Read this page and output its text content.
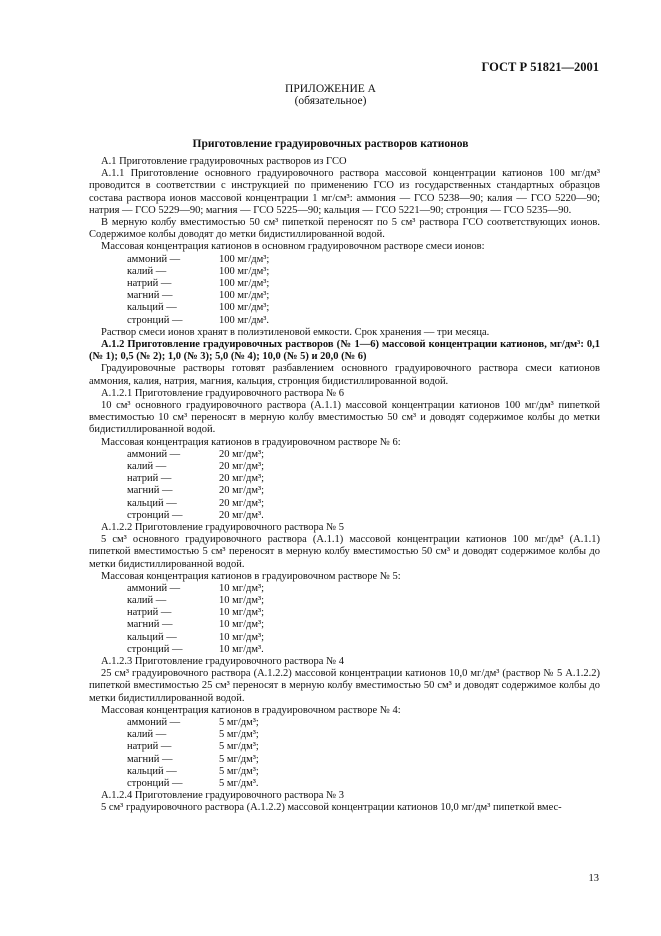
ГОСТ Р 51821—2001
ПРИЛОЖЕНИЕ А
(обязательное)
Приготовление градуировочных растворов катионов

А.1 Приготовление градуировочных растворов из ГСО

А.1.1 Приготовление основного градуировочного раствора массовой концентрации катионов 100 мг/дм³ проводится в соответствии с инструкцией по применению ГСО из государственных стандартных образцов состава раствора ионов массовой концентрации 1 мг/см³: аммония — ГСО 5238—90; калия — ГСО 5220—90; натрия — ГСО 5229—90; магния — ГСО 5225—90; кальция — ГСО 5221—90; стронция — ГСО 5235—90.

В мерную колбу вместимостью 50 см³ пипеткой переносят по 5 см³ раствора ГСО соответствующих ионов. Содержимое колбы доводят до метки бидистиллированной водой.

Массовая концентрация катионов в основном градуировочном растворе смеси ионов:

аммоний —	100 мг/дм³;
калий —	100 мг/дм³;
натрий —	100 мг/дм³;
магний —	100 мг/дм³;
кальций —	100 мг/дм³;
стронций —	100 мг/дм³.

Раствор смеси ионов хранят в полиэтиленовой емкости. Срок хранения — три месяца.

А.1.2 Приготовление градуировочных растворов (№ 1—6) массовой концентрации катионов, мг/дм³: 0,1 (№ 1); 0,5 (№ 2); 1,0 (№ 3); 5,0 (№ 4); 10,0 (№ 5) и 20,0 (№ 6)

Градуировочные растворы готовят разбавлением основного градуировочного раствора смеси катионов аммония, калия, натрия, магния, кальция, стронция бидистиллированной водой.

А.1.2.1 Приготовление градуировочного раствора № 6

10 см³ основного градуировочного раствора (А.1.1) массовой концентрации катионов 100 мг/дм³ пипеткой вместимостью 10 см³ переносят в мерную колбу вместимостью 50 см³ и доводят содержимое колбы до метки бидистиллированной водой.

Массовая концентрация катионов в градуировочном растворе № 6:

аммоний —	20 мг/дм³;
калий —	20 мг/дм³;
натрий —	20 мг/дм³;
магний —	20 мг/дм³;
кальций —	20 мг/дм³;
стронций —	20 мг/дм³.

А.1.2.2 Приготовление градуировочного раствора № 5

5 см³ основного градуировочного раствора (А.1.1) массовой концентрации катионов 100 мг/дм³ (А.1.1) пипеткой вместимостью 5 см³ переносят в мерную колбу вместимостью 50 см³ и доводят содержимое колбы до метки бидистиллированной водой.

Массовая концентрация катионов в градуировочном растворе № 5:

аммоний —	10 мг/дм³;
калий —	10 мг/дм³;
натрий —	10 мг/дм³;
магний —	10 мг/дм³;
кальций —	10 мг/дм³;
стронций —	10 мг/дм³.

А.1.2.3 Приготовление градуировочного раствора № 4

25 см³ градуировочного раствора (А.1.2.2) массовой концентрации катионов 10,0 мг/дм³ (раствор № 5 А.1.2.2) пипеткой вместимостью 25 см³ переносят в мерную колбу вместимостью 50 см³ и доводят содержимое колбы до метки бидистиллированной водой.

Массовая концентрация катионов в градуировочном растворе № 4:

аммоний —	5 мг/дм³;
калий —	5 мг/дм³;
натрий —	5 мг/дм³;
магний —	5 мг/дм³;
кальций —	5 мг/дм³;
стронций —	5 мг/дм³.

А.1.2.4 Приготовление градуировочного раствора № 3

5 см³ градуировочного раствора (А.1.2.2) массовой концентрации катионов 10,0 мг/дм³ пипеткой вмес-

13
